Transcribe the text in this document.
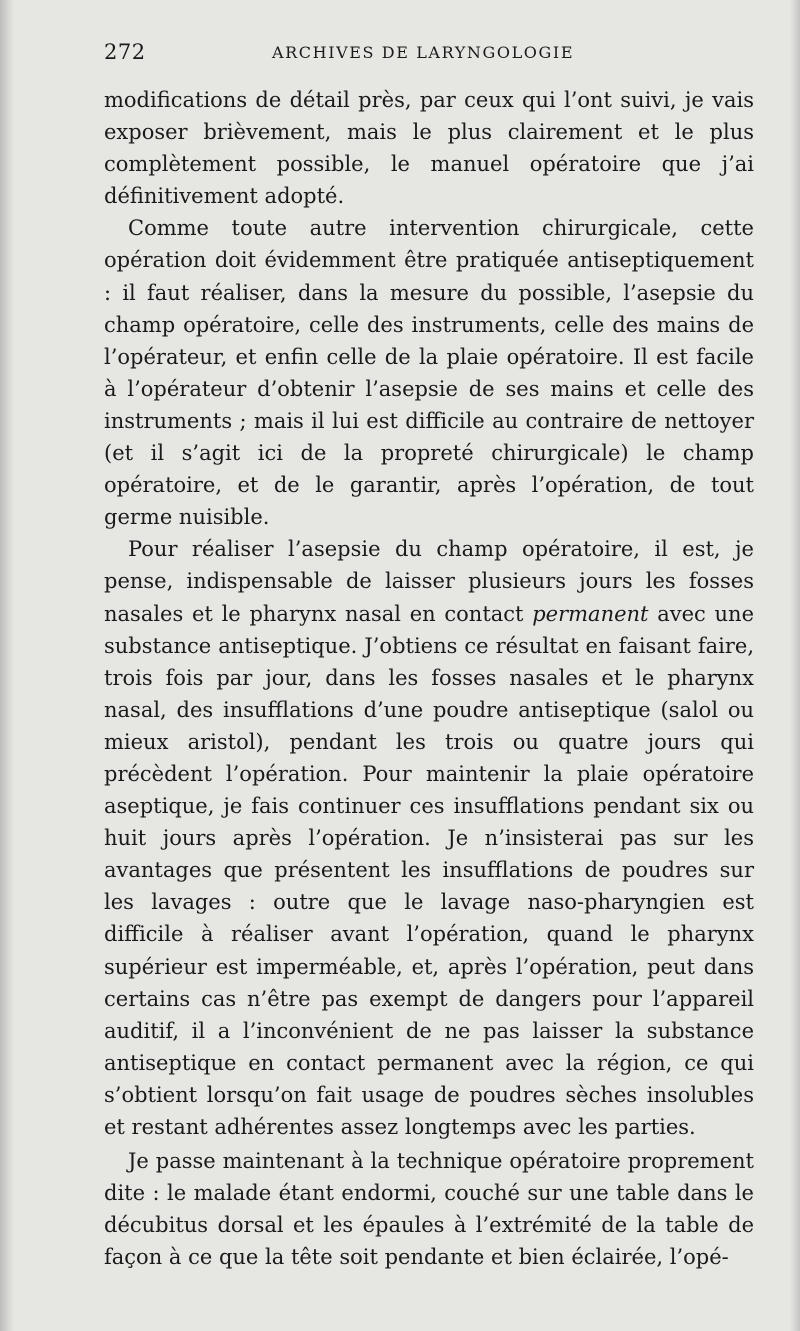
272	ARCHIVES DE LARYNGOLOGIE

modifications de détail près, par ceux qui l’ont suivi, je vais exposer brièvement, mais le plus clairement et le plus complètement possible, le manuel opératoire que j’ai définitivement adopté.

Comme toute autre intervention chirurgicale, cette opération doit évidemment être pratiquée antiseptiquement : il faut réaliser, dans la mesure du possible, l’asepsie du champ opératoire, celle des instruments, celle des mains de l’opérateur, et enfin celle de la plaie opératoire. Il est facile à l’opérateur d’obtenir l’asepsie de ses mains et celle des instruments ; mais il lui est difficile au contraire de nettoyer (et il s’agit ici de la propreté chirurgicale) le champ opératoire, et de le garantir, après l’opération, de tout germe nuisible.

Pour réaliser l’asepsie du champ opératoire, il est, je pense, indispensable de laisser plusieurs jours les fosses nasales et le pharynx nasal en contact permanent avec une substance antiseptique. J’obtiens ce résultat en faisant faire, trois fois par jour, dans les fosses nasales et le pharynx nasal, des insufflations d’une poudre antiseptique (salol ou mieux aristol), pendant les trois ou quatre jours qui précèdent l’opération. Pour maintenir la plaie opératoire aseptique, je fais continuer ces insufflations pendant six ou huit jours après l’opération. Je n’insisterai pas sur les avantages que présentent les insufflations de poudres sur les lavages : outre que le lavage naso-pharyngien est difficile à réaliser avant l’opération, quand le pharynx supérieur est imperméable, et, après l’opération, peut dans certains cas n’être pas exempt de dangers pour l’appareil auditif, il a l’inconvénient de ne pas laisser la substance antiseptique en contact permanent avec la région, ce qui s’obtient lorsqu’on fait usage de poudres sèches insolubles et restant adhérentes assez longtemps avec les parties.

Je passe maintenant à la technique opératoire proprement dite : le malade étant endormi, couché sur une table dans le décubitus dorsal et les épaules à l’extrémité de la table de façon à ce que la tête soit pendante et bien éclairée, l’opé-
